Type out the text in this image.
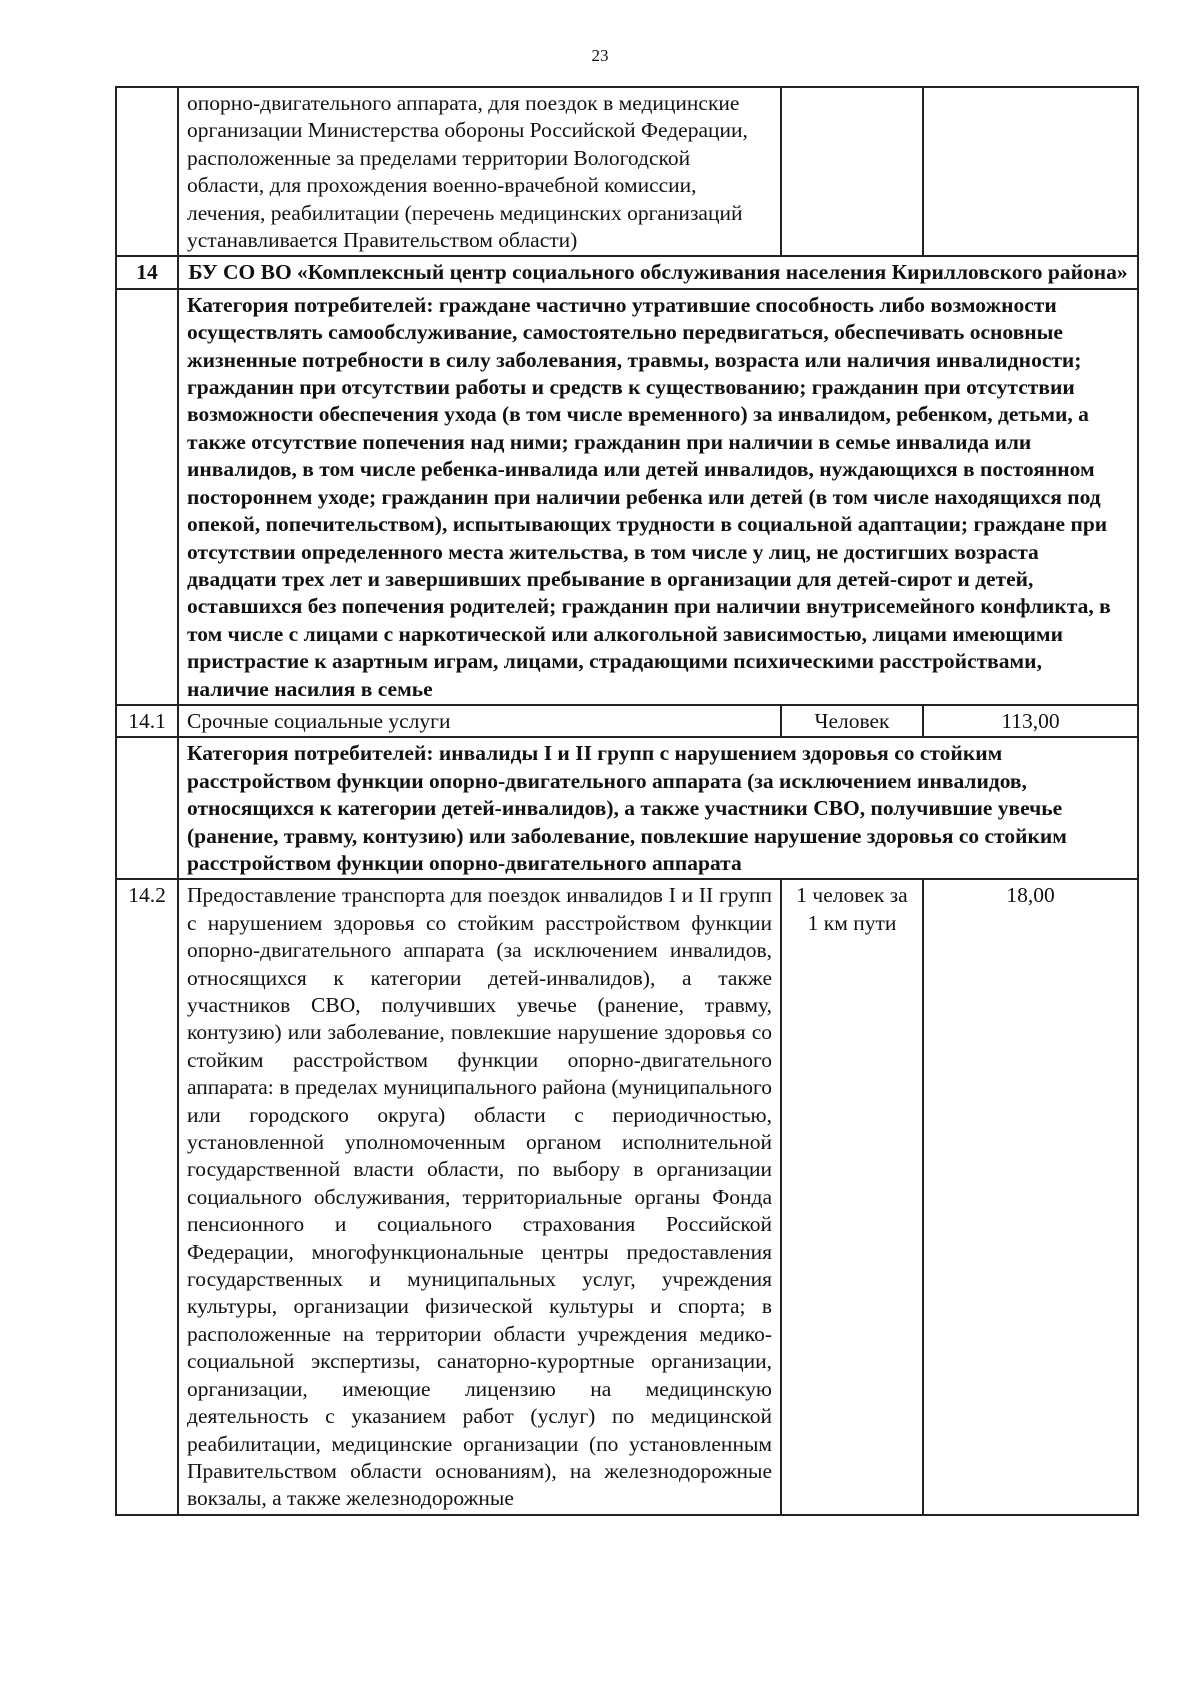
23
	опорно-двигательного аппарата, для поездок в медицинские организации Министерства обороны Российской Федерации, расположенные за пределами территории Вологодской области, для прохождения военно-врачебной комиссии, лечения, реабилитации (перечень медицинских организаций устанавливается Правительством области)		
14	БУ СО ВО «Комплексный центр социального обслуживания населения Кирилловского района»		
	Категория потребителей: граждане частично утратившие способность либо возможности осуществлять самообслуживание, самостоятельно передвигаться, обеспечивать основные жизненные потребности в силу заболевания, травмы, возраста или наличия инвалидности; гражданин при отсутствии работы и средств к существованию; гражданин при отсутствии возможности обеспечения ухода (в том числе временного) за инвалидом, ребенком, детьми, а также отсутствие попечения над ними; гражданин при наличии в семье инвалида или инвалидов, в том числе ребенка-инвалида или детей инвалидов, нуждающихся в постоянном постороннем уходе; гражданин при наличии ребенка или детей (в том числе находящихся под опекой, попечительством), испытывающих трудности в социальной адаптации; граждане при отсутствии определенного места жительства, в том числе у лиц, не достигших возраста двадцати трех лет и завершивших пребывание в организации для детей-сирот и детей, оставшихся без попечения родителей; гражданин при наличии внутрисемейного конфликта, в том числе с лицами с наркотической или алкогольной зависимостью, лицами имеющими пристрастие к азартным играм, лицами, страдающими психическими расстройствами, наличие насилия в семье		
14.1	Срочные социальные услуги	Человек	113,00
	Категория потребителей: инвалиды I и II групп с нарушением здоровья со стойким расстройством функции опорно-двигательного аппарата (за исключением инвалидов, относящихся к категории детей-инвалидов), а также участники СВО, получившие увечье (ранение, травму, контузию) или заболевание, повлекшие нарушение здоровья со стойким расстройством функции опорно-двигательного аппарата		
14.2	Предоставление транспорта для поездок инвалидов I и II групп с нарушением здоровья со стойким расстройством функции опорно-двигательного аппарата (за исключением инвалидов, относящихся к категории детей-инвалидов), а также участников СВО, получивших увечье (ранение, травму, контузию) или заболевание, повлекшие нарушение здоровья со стойким расстройством функции опорно-двигательного аппарата: в пределах муниципального района (муниципального или городского округа) области с периодичностью, установленной уполномоченным органом исполнительной государственной власти области, по выбору в организации социального обслуживания, территориальные органы Фонда пенсионного и социального страхования Российской Федерации, многофункциональные центры предоставления государственных и муниципальных услуг, учреждения культуры, организации физической культуры и спорта; в расположенные на территории области учреждения медико-социальной экспертизы, санаторно-курортные организации, организации, имеющие лицензию на медицинскую деятельность с указанием работ (услуг) по медицинской реабилитации, медицинские организации (по установленным Правительством области основаниям), на железнодорожные вокзалы, а также железнодорожные	1 человек за 1 км пути	18,00
